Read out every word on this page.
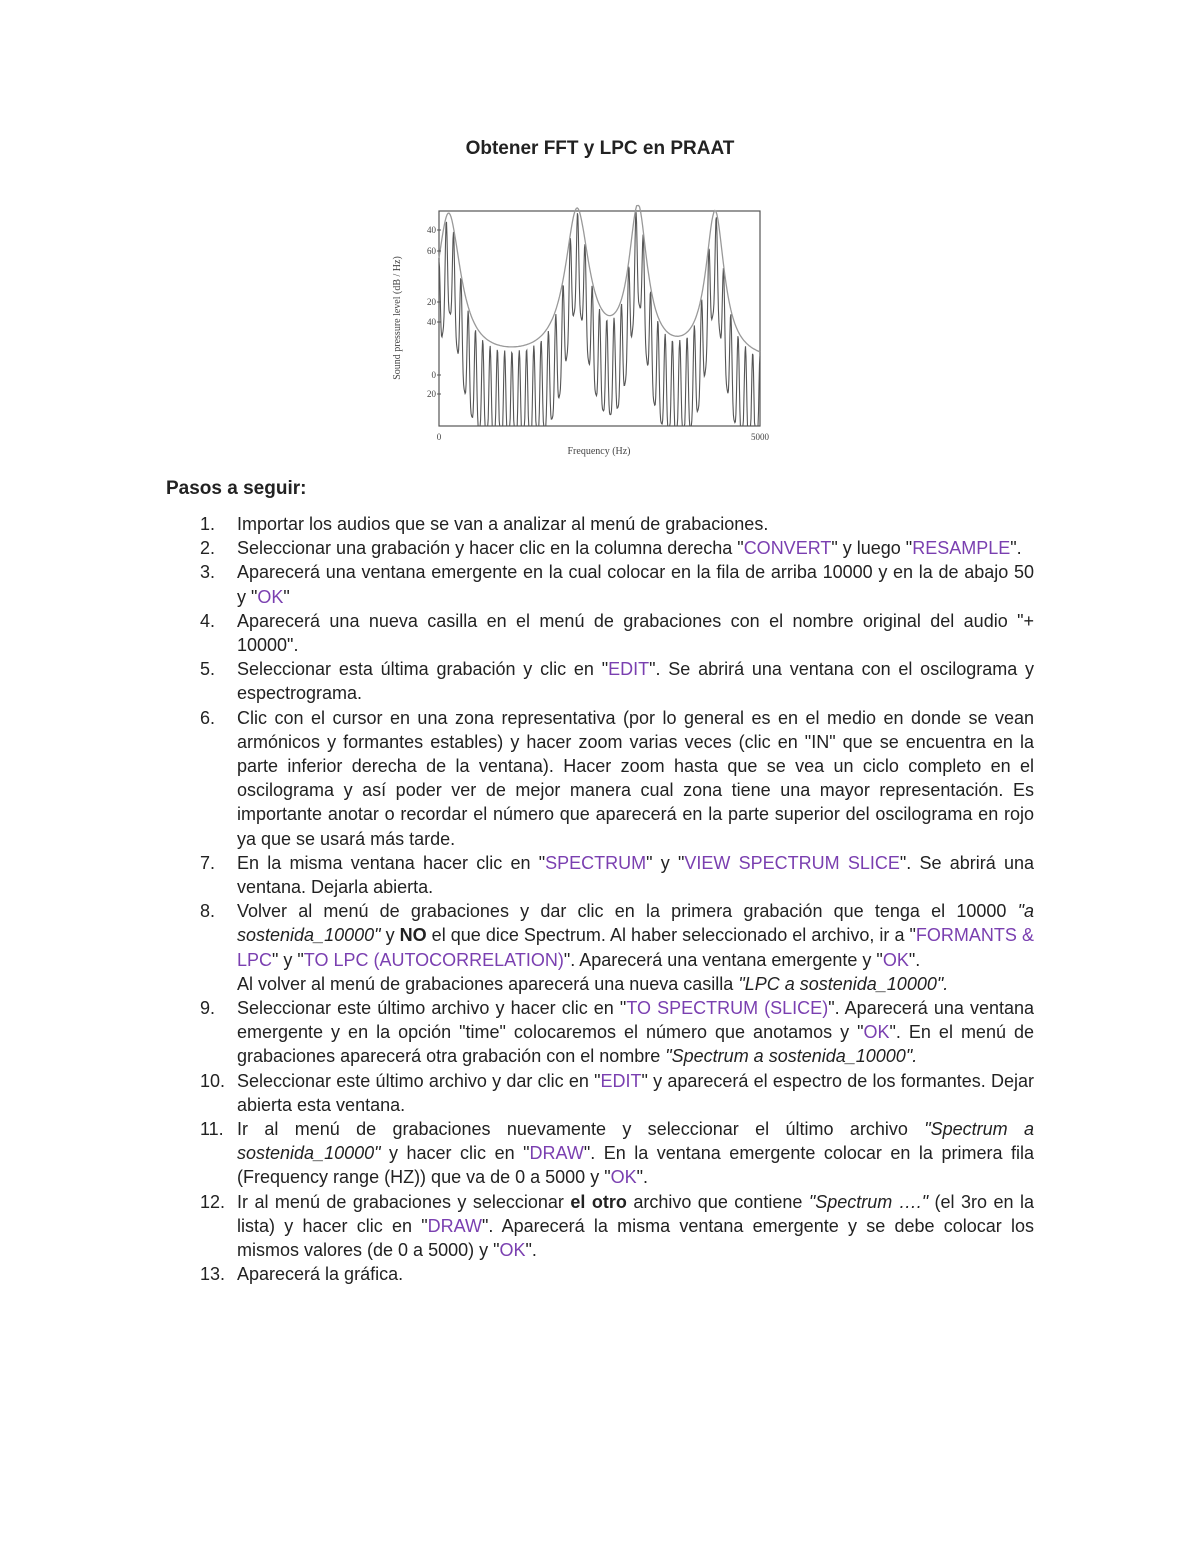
Obtener FFT y LPC en PRAAT
40
60
20
40
0
20
0	5000
Frequency (Hz)
Sound pressure level (dB / Hz)
Pasos a seguir:
1. Importar los audios que se van a analizar al menú de grabaciones.
2. Seleccionar una grabación y hacer clic en la columna derecha "CONVERT" y luego "RESAMPLE".
3. Aparecerá una ventana emergente en la cual colocar en la fila de arriba 10000 y en la de abajo 50 y "OK"
4. Aparecerá una nueva casilla en el menú de grabaciones con el nombre original del audio "+ 10000".
5. Seleccionar esta última grabación y clic en "EDIT". Se abrirá una ventana con el oscilograma y espectrograma.
6. Clic con el cursor en una zona representativa (por lo general es en el medio en donde se vean armónicos y formantes estables) y hacer zoom varias veces (clic en "IN" que se encuentra en la parte inferior derecha de la ventana). Hacer zoom hasta que se vea un ciclo completo en el oscilograma y así poder ver de mejor manera cual zona tiene una mayor representación. Es importante anotar o recordar el número que aparecerá en la parte superior del oscilograma en rojo ya que se usará más tarde.
7. En la misma ventana hacer clic en "SPECTRUM" y "VIEW SPECTRUM SLICE". Se abrirá una ventana. Dejarla abierta.
8. Volver al menú de grabaciones y dar clic en la primera grabación que tenga el 10000 "a sostenida_10000" y NO el que dice Spectrum. Al haber seleccionado el archivo, ir a "FORMANTS & LPC" y "TO LPC (AUTOCORRELATION)". Aparecerá una ventana emergente y "OK".
Al volver al menú de grabaciones aparecerá una nueva casilla "LPC a sostenida_10000".
9. Seleccionar este último archivo y hacer clic en "TO SPECTRUM (SLICE)". Aparecerá una ventana emergente y en la opción "time" colocaremos el número que anotamos y "OK". En el menú de grabaciones aparecerá otra grabación con el nombre "Spectrum a sostenida_10000".
10. Seleccionar este último archivo y dar clic en "EDIT" y aparecerá el espectro de los formantes. Dejar abierta esta ventana.
11. Ir al menú de grabaciones nuevamente y seleccionar el último archivo "Spectrum a sostenida_10000" y hacer clic en "DRAW". En la ventana emergente colocar en la primera fila (Frequency range (HZ)) que va de 0 a 5000 y "OK".
12. Ir al menú de grabaciones y seleccionar el otro archivo que contiene "Spectrum …." (el 3ro en la lista) y hacer clic en "DRAW". Aparecerá la misma ventana emergente y se debe colocar los mismos valores (de 0 a 5000) y "OK".
13. Aparecerá la gráfica.
